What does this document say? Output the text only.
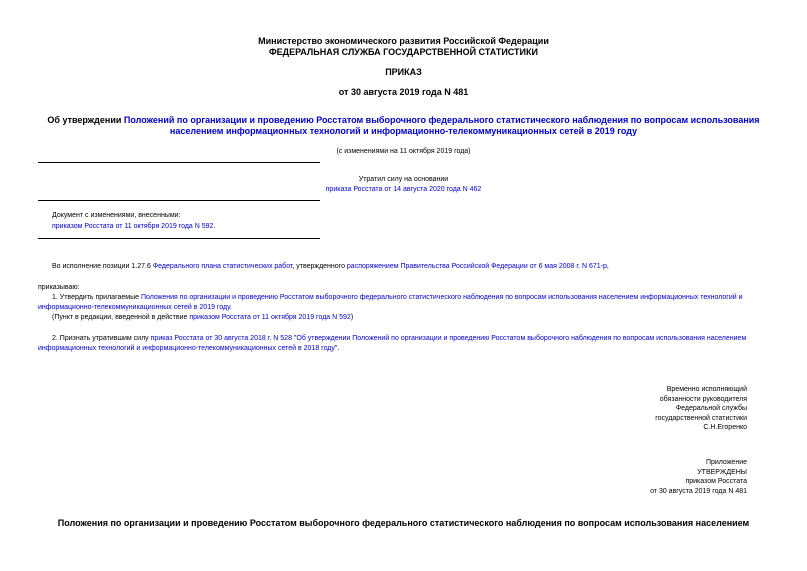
Министерство экономического развития Российской Федерации
ФЕДЕРАЛЬНАЯ СЛУЖБА ГОСУДАРСТВЕННОЙ СТАТИСТИКИ
ПРИКАЗ
от 30 августа 2019 года N 481
Об утверждении Положений по организации и проведению Росстатом выборочного федерального статистического наблюдения по вопросам использования
населением информационных технологий и информационно-телекоммуникационных сетей в 2019 году
(с изменениями на 11 октября 2019 года)
Утратил силу на основании
приказа Росстата от 14 августа 2020 года N 462
Документ с изменениями, внесенными:
приказом Росстата от 11 октября 2019 года N 592.
Во исполнение позиции 1.27.6 Федерального плана статистических работ, утвержденного распоряжением Правительства Российской Федерации от 6 мая 2008 г. N 671-р,
приказываю:
1. Утвердить прилагаемые Положения по организации и проведению Росстатом выборочного федерального статистического наблюдения по вопросам использования населением информационных технологий и
информационно-телекоммуникационных сетей в 2019 году.
(Пункт в редакции, введенной в действие приказом Росстата от 11 октября 2019 года N 592)
2. Признать утратившим силу приказ Росстата от 30 августа 2018 г. N 528 "Об утверждении Положений по организации и проведению Росстатом выборочного наблюдения по вопросам использования населением
информационных технологий и информационно-телекоммуникационных сетей в 2018 году".
Временно исполняющий
обязанности руководителя
Федеральной службы
государственной статистики
С.Н.Егоренко
Приложение
УТВЕРЖДЕНЫ
приказом Росстата
от 30 августа 2019 года N 481
Положения по организации и проведению Росстатом выборочного федерального статистического наблюдения по вопросам использования населением
